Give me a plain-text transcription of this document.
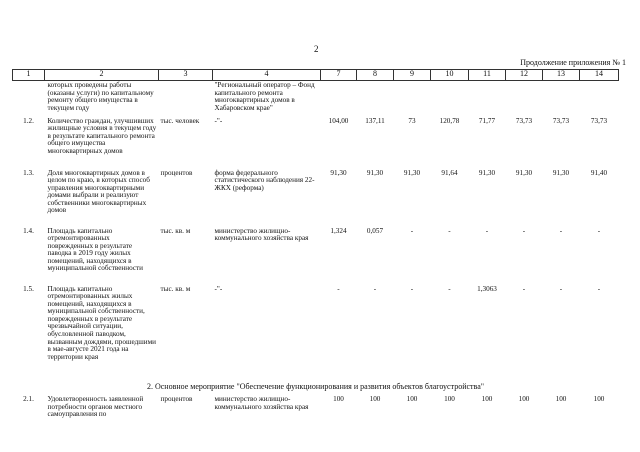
2
Продолжение приложения № 1
1	2	3	4	7	8	9	10	11	12	13	14
	которых проведены работы (оказаны услуги) по капитальному ремонту общего имущества в текущем году		"Региональный оператор – Фонд капитального ремонта многоквартирных домов в Хабаровском крае"								
1.2.	Количество граждан, улучшивших жилищные условия в текущем году в результате капитального ремонта общего имущества многоквартирных домов	тыс. человек	-"-	104,00	137,11	73	120,78	71,77	73,73	73,73	73,73
1.3.	Доля многоквартирных домов в целом по краю, в которых способ управления многоквартирными домами выбрали и реализуют собственники многоквартирных домов	процентов	форма федерального статистического наблюдения 22-ЖКХ (реформа)	91,30	91,30	91,30	91,64	91,30	91,30	91,30	91,40
1.4.	Площадь капитально отремонтированных поврежденных в результате паводка в 2019 году жилых помещений, находящихся в муниципальной собственности	тыс. кв. м	министерство жилищно-коммунального хозяйства края	1,324	0,057	-	-	-	-	-	-
1.5.	Площадь капитально отремонтированных жилых помещений, находящихся в муниципальной собственности, поврежденных в результате чрезвычайной ситуации, обусловленной паводком, вызванным дождями, прошедшими в мае-августе 2021 года на территории края	тыс. кв. м	-"-	-	-	-	-	1,3063	-	-	-
2. Основное мероприятие "Обеспечение функционирования и развития объектов благоустройства"											
2.1.	Удовлетворенность заявленной потребности органов местного самоуправления по	процентов	министерство жилищно-коммунального хозяйства края	100	100	100	100	100	100	100	100
